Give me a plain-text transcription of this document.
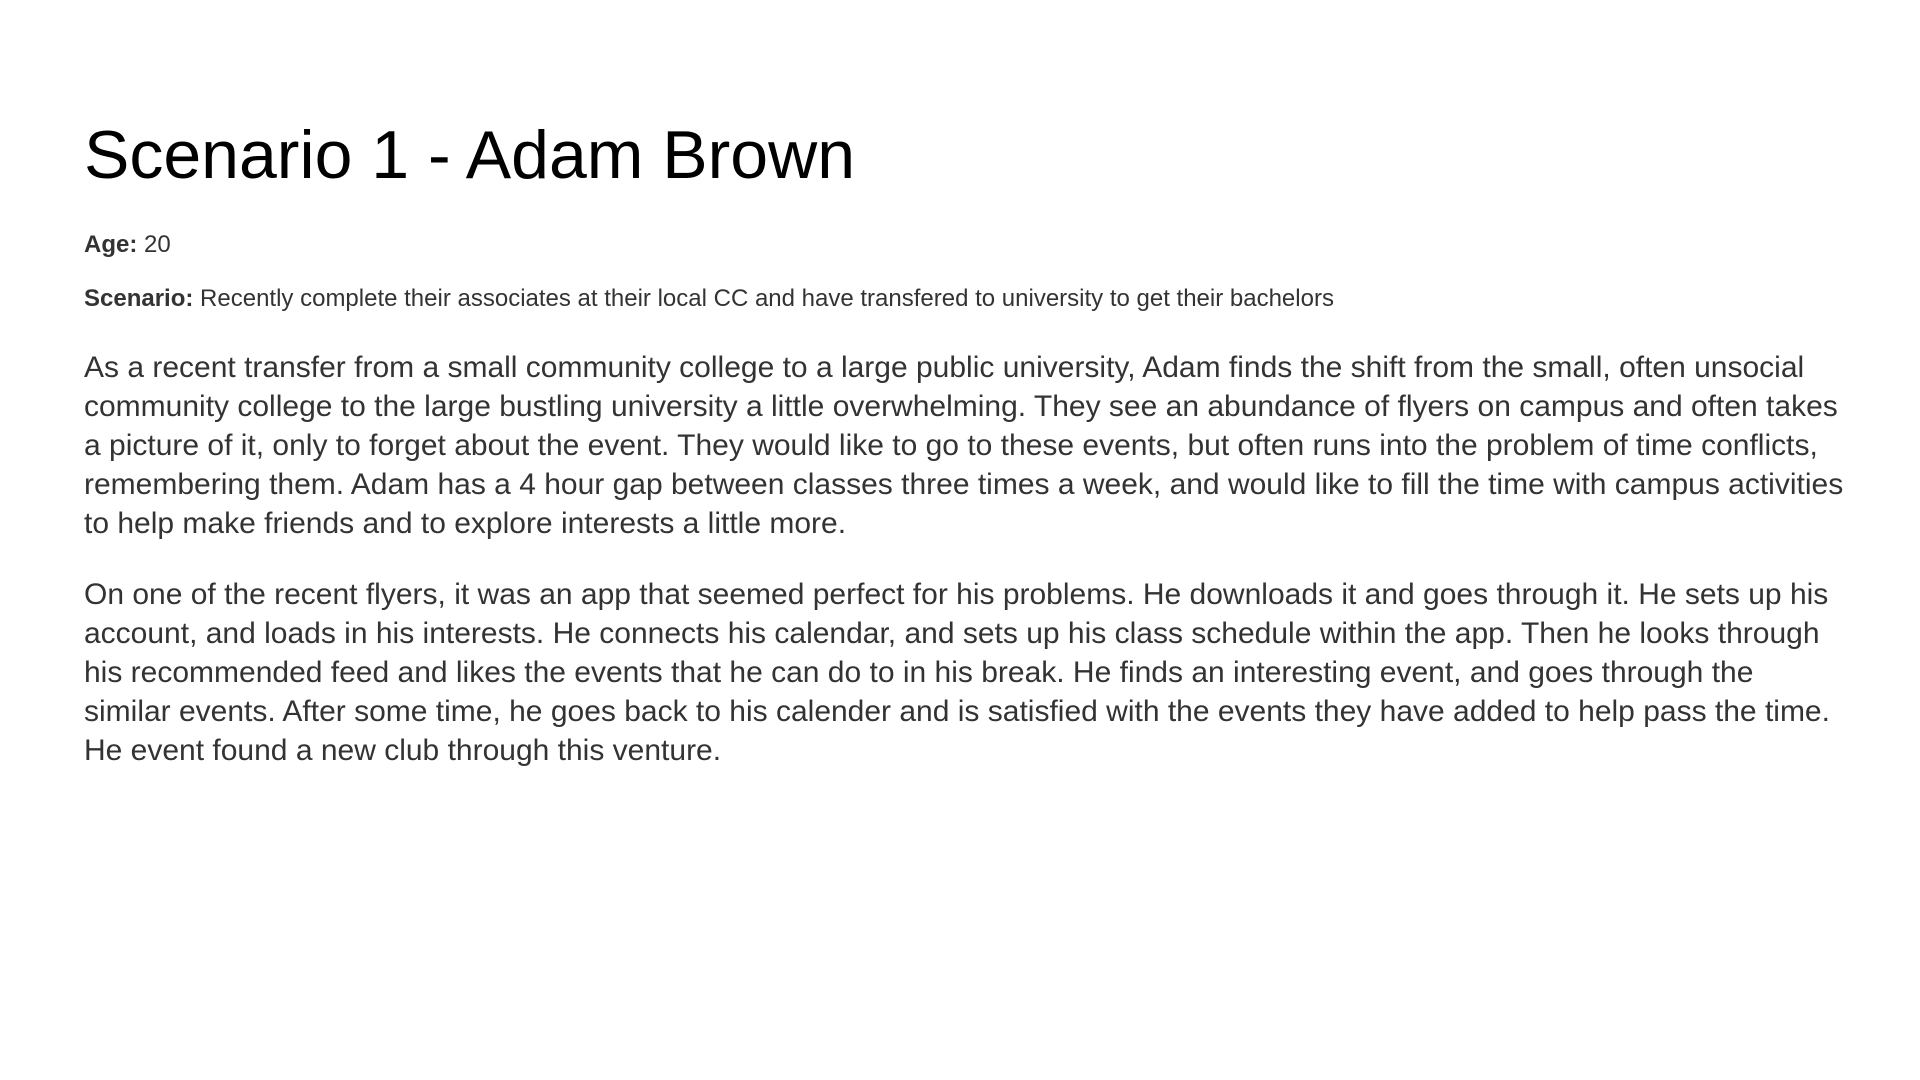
Scenario 1 - Adam Brown

Age: 20

Scenario: Recently complete their associates at their local CC and have transfered to university to get their bachelors

As a recent transfer from a small community college to a large public university, Adam finds the shift from the small, often unsocial community college to the large bustling university a little overwhelming. They see an abundance of flyers on campus and often takes a picture of it, only to forget about the event. They would like to go to these events, but often runs into the problem of time conflicts, remembering them. Adam has a 4 hour gap between classes three times a week, and would like to fill the time with campus activities to help make friends and to explore interests a little more.

On one of the recent flyers, it was an app that seemed perfect for his problems. He downloads it and goes through it. He sets up his account, and loads in his interests. He connects his calendar, and sets up his class schedule within the app. Then he looks through his recommended feed and likes the events that he can do to in his break. He finds an interesting event, and goes through the similar events. After some time, he goes back to his calender and is satisfied with the events they have added to help pass the time. He event found a new club through this venture.
